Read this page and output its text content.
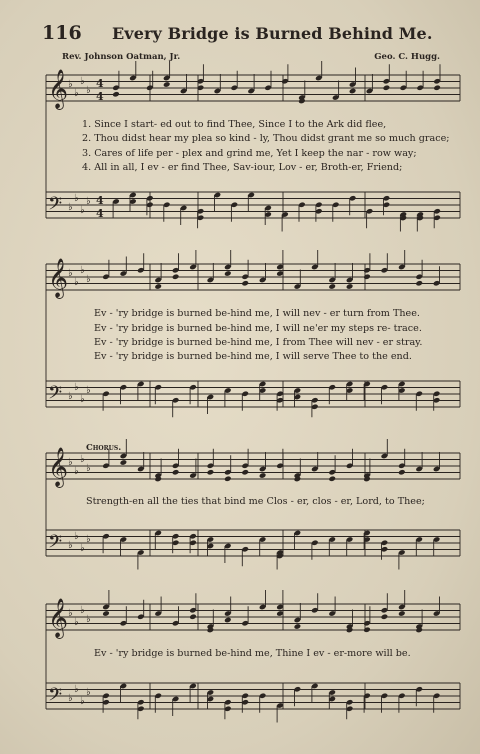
116 Every Bridge is Burned Behind Me.
Rev. Johnson Oatman, Jr.	Geo. C. Hugg.
𝄞 ♭
♭
♭
♭
4
4
𝄢 ♭
♭
♭
♭ 4
4
𝄞 ♭
♭
♭
♭
𝄢 ♭
♭
♭
♭
𝄞 ♭
♭
♭
♭
𝄢 ♭
♭
♭
♭
𝄞 ♭
♭
♭
♭
𝄢 ♭
♭
♭
♭
1. Since I start- ed out to find Thee, Since I to the Ark did flee,
2. Thou didst hear my plea so kind - ly, Thou didst grant me so much grace;
3. Cares of life per - plex and grind me, Yet I keep the nar - row way;
4. All in all, I ev - er find Thee, Sav-iour, Lov - er, Broth-er, Friend;
Ev - 'ry bridge is burned be-hind me, I will nev - er turn from Thee.
Ev - 'ry bridge is burned be-hind me, I will ne'er my steps re- trace.
Ev - 'ry bridge is burned be-hind me, I from Thee will nev - er stray.
Ev - 'ry bridge is burned be-hind me, I will serve Thee to the end.
Chorus.
Strength-en all the ties that bind me Clos - er, clos - er, Lord, to Thee;
Ev - 'ry bridge is burned be-hind me, Thine I ev - er-more will be.
